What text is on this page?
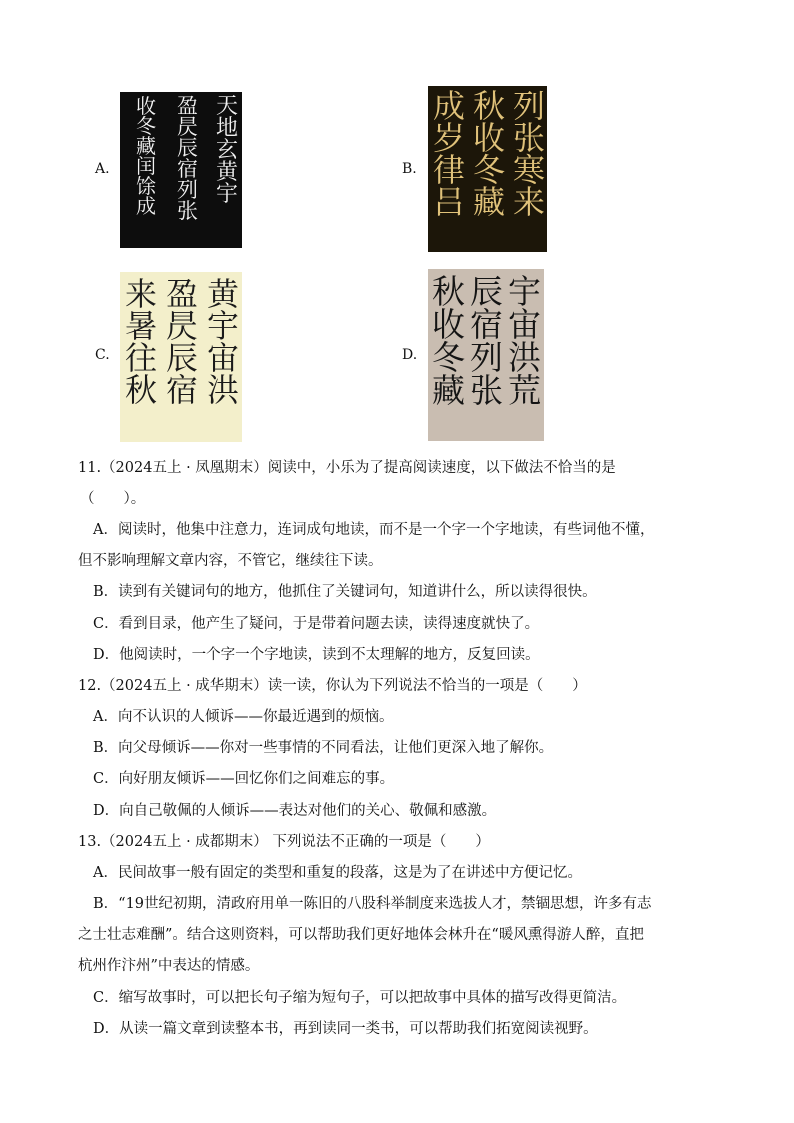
A.	B.
C.	D.
天
地
玄
黄
宇
盈
昃
辰
宿
列
张
收
冬
藏
闰
馀
成
列
张
寒
来
秋
收
冬
藏
成
岁
律
吕
黄
宇
宙
洪
盈
昃
辰
宿
来
暑
往
秋
宇
宙
洪
荒
辰
宿
列
张
秋
收
冬
藏
11.（2024五上 · 凤凰期末）阅读中，小乐为了提高阅读速度，以下做法不恰当的是
（　　）。
A．阅读时，他集中注意力，连词成句地读，而不是一个字一个字地读，有些词他不懂，
但不影响理解文章内容，不管它，继续往下读。
B．读到有关键词句的地方，他抓住了关键词句，知道讲什么，所以读得很快。
C．看到目录，他产生了疑问，于是带着问题去读，读得速度就快了。
D．他阅读时，一个字一个字地读，读到不太理解的地方，反复回读。
12.（2024五上 · 成华期末）读一读，你认为下列说法不恰当的一项是（　　）
A．向不认识的人倾诉——你最近遇到的烦恼。
B．向父母倾诉——你对一些事情的不同看法，让他们更深入地了解你。
C．向好朋友倾诉——回忆你们之间难忘的事。
D．向自己敬佩的人倾诉——表达对他们的关心、敬佩和感激。
13.（2024五上 · 成都期末） 下列说法不正确的一项是（　　）
A．民间故事一般有固定的类型和重复的段落，这是为了在讲述中方便记忆。
B．“19世纪初期，清政府用单一陈旧的八股科举制度来选拔人才，禁锢思想，许多有志
之士壮志难酬”。结合这则资料，可以帮助我们更好地体会林升在“暖风熏得游人醉，直把
杭州作汴州”中表达的情感。
C．缩写故事时，可以把长句子缩为短句子，可以把故事中具体的描写改得更简洁。
D．从读一篇文章到读整本书，再到读同一类书，可以帮助我们拓宽阅读视野。
